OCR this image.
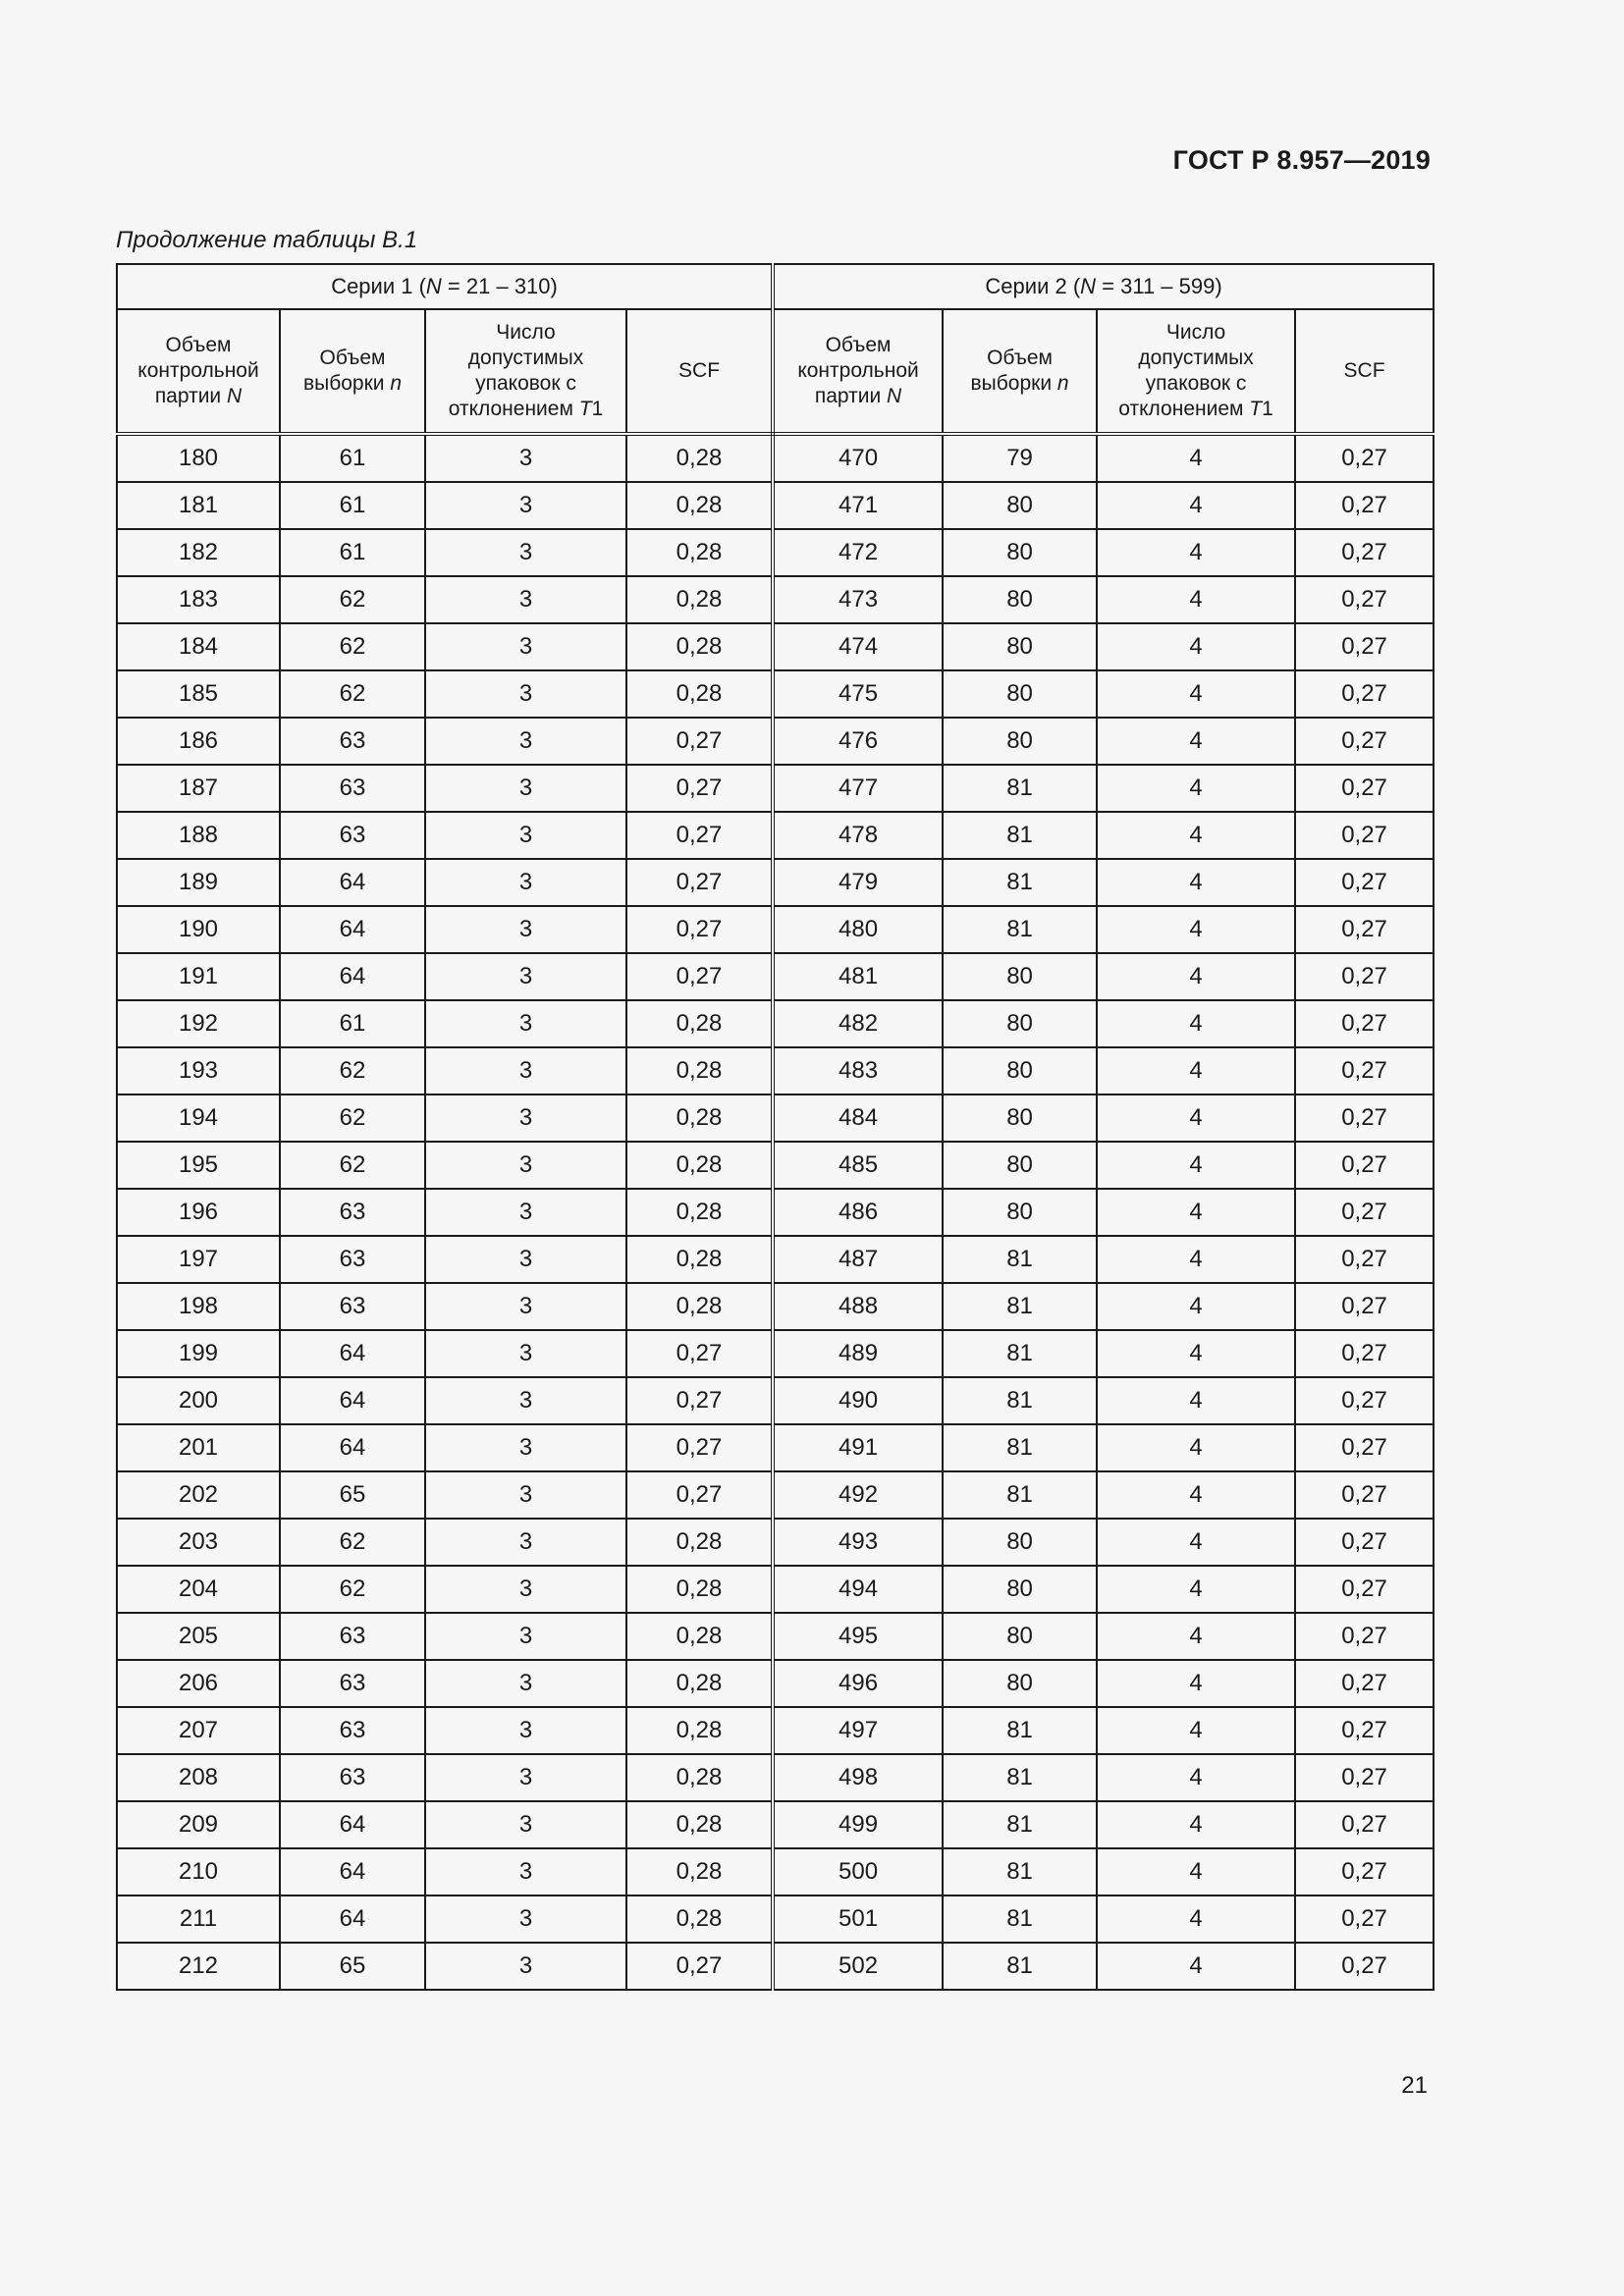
ГОСТ Р 8.957—2019
Продолжение таблицы В.1
Серии 1 (N = 21 – 310)				Серии 2 (N = 311 – 599)			
Объем
контрольной
партии N	Объем
выборки n	Число
допустимых
упаковок с
отклонением T1	SCF	Объем
контрольной
партии N	Объем
выборки n	Число
допустимых
упаковок с
отклонением T1	SCF
180	61	3	0,28	470	79	4	0,27
181	61	3	0,28	471	80	4	0,27
182	61	3	0,28	472	80	4	0,27
183	62	3	0,28	473	80	4	0,27
184	62	3	0,28	474	80	4	0,27
185	62	3	0,28	475	80	4	0,27
186	63	3	0,27	476	80	4	0,27
187	63	3	0,27	477	81	4	0,27
188	63	3	0,27	478	81	4	0,27
189	64	3	0,27	479	81	4	0,27
190	64	3	0,27	480	81	4	0,27
191	64	3	0,27	481	80	4	0,27
192	61	3	0,28	482	80	4	0,27
193	62	3	0,28	483	80	4	0,27
194	62	3	0,28	484	80	4	0,27
195	62	3	0,28	485	80	4	0,27
196	63	3	0,28	486	80	4	0,27
197	63	3	0,28	487	81	4	0,27
198	63	3	0,28	488	81	4	0,27
199	64	3	0,27	489	81	4	0,27
200	64	3	0,27	490	81	4	0,27
201	64	3	0,27	491	81	4	0,27
202	65	3	0,27	492	81	4	0,27
203	62	3	0,28	493	80	4	0,27
204	62	3	0,28	494	80	4	0,27
205	63	3	0,28	495	80	4	0,27
206	63	3	0,28	496	80	4	0,27
207	63	3	0,28	497	81	4	0,27
208	63	3	0,28	498	81	4	0,27
209	64	3	0,28	499	81	4	0,27
210	64	3	0,28	500	81	4	0,27
211	64	3	0,28	501	81	4	0,27
212	65	3	0,27	502	81	4	0,27
21
